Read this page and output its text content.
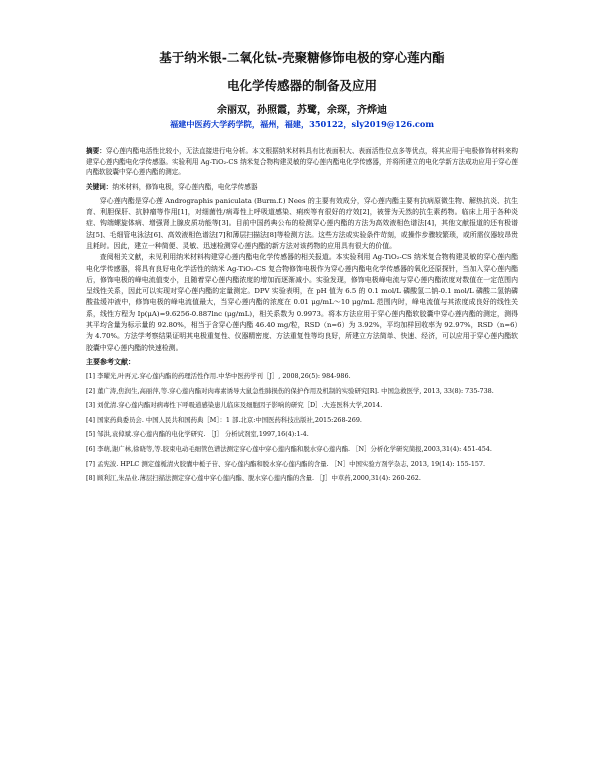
基于纳米银-二氧化钛-壳聚糖修饰电极的穿心莲内酯
电化学传感器的制备及应用
余丽双，孙照霞，苏鹭，余琛，齐烨迪
福建中医药大学药学院，福州，福建，350122，sly2019@126.com
摘要：穿心莲内酯电活性比较小，无法直接进行电分析。本文根据纳米材料具有比表面积大、表面活性位点多等优点，将其应用于电极修饰材料来构建穿心莲内酯电化学传感器。实验利用 Ag-TiO₂-CS 纳米复合物构建灵敏的穿心莲内酯电化学传感器，并将所建立的电化学新方法成功应用于穿心莲内酯软胶囊中穿心莲内酯的测定。
关键词：纳米材料，修饰电极，穿心莲内酯，电化学传感器

穿心莲内酯是穿心莲 Andrographis paniculata (Burm.f.) Nees 的主要有效成分，穿心莲内酯主要有抗病原微生物、解热抗炎、抗生育、利胆保肝、抗肿瘤等作用[1]，对细菌性/病毒性上呼吸道感染、痢疾等有很好的疗效[2]，被誉为天然的抗生素药物。临床上用于各种炎症、钩端螺旋体病、增强肾上腺皮质功能等[3]。目前中国药典公布的检测穿心莲内酯的方法为高效液相色谱法[4]，其他文献报道的还有极谱法[5]、毛细管电泳法[6]、高效液相色谱法[7]和薄层扫描法[8]等检测方法。这些方法或实验条件苛刻，或操作步骤较繁琐，或所需仪器较昂贵且耗时。因此，建立一种简便、灵敏、迅速检测穿心莲内酯的新方法对该药物的应用具有很大的价值。

查阅相关文献，未见利用纳米材料构建穿心莲内酯电化学传感器的相关报道。本实验利用 Ag-TiO₂-CS 纳米复合物构建灵敏的穿心莲内酯电化学传感器，将具有良好电化学活性的纳米 Ag-TiO₂-CS 复合物修饰电极作为穿心莲内酯电化学传感器的氧化还原探针，当加入穿心莲内酯后，修饰电极的峰电流值变小，且随着穿心莲内酯浓度的增加而逐渐减小。实验发现，修饰电极峰电流与穿心莲内酯浓度对数值在一定范围内呈线性关系，因此可以实现对穿心莲内酯的定量测定。DPV 实验表明，在 pH 值为 6.5 的 0.1 mol/L 磷酸氢二钠-0.1 mol/L 磷酸二氢钠磷酸盐缓冲液中，修饰电极的峰电流值最大，当穿心莲内酯的浓度在 0.01 μg/mL～10 μg/mL 范围内时，峰电流值与其浓度成良好的线性关系，线性方程为 Ip(μA)=9.6256-0.887lnc (μg/mL)，相关系数为 0.9973。将本方法应用于穿心莲内酯软胶囊中穿心莲内酯的测定，测得其平均含量为标示量的 92.80%，相当于含穿心莲内酯 46.40 mg/粒，RSD（n=6）为 3.92%，平均加样回收率为 92.97%，RSD（n=6）为 4.70%。方法学考察结果证明其电极重复性、仪器精密度、方法重复性等均良好，所建立方法简单、快速、经济，可以应用于穿心莲内酯软胶囊中穿心莲内酯的快速检测。

主要参考文献：
[1] 李曜光,叶再元.穿心莲内酯的药理活性作用.中华中医药学刊［J］, 2008,26(5): 984-986.
[2] 董广涛,焦润生,高丽萍,等.穿心莲内酯对肉毒素诱导大鼠急性肺损伤的保护作用及机制的实验研究[R]. 中国急救医学, 2013, 33(8): 735-738.
[3] 刘优清.穿心莲内酯对病毒性下呼吸道感染患儿临床及细胞因子影响的研究［D］.大连医科大学,2014.
[4] 国家药典委员会. 中国人民共和国药典［M］：1 部.北京:中国医药科技出版社,2015:268-269.
[5] 邹洪,袁倬斌.穿心莲内酯的电化学研究. ［J］ 分析试剂室,1997,16(4):1-4.
[6] 李萌,谢广林,徐晓等,等.胶束电动毛细管色谱法测定穿心莲中穿心莲内酯和脱水穿心莲内酯. ［N］分析化学研究简报,2003,31(4): 451-454.
[7] 孟宪波. HPLC 测定莲栀清火胶囊中栀子苷、穿心莲内酯和脱水穿心莲内酯的含量. ［N］中国实验方剂学杂志, 2013, 19(14): 155-157.
[8] 顾利江,朱品业.薄层扫描法测定穿心莲中穿心莲内酯、脱水穿心莲内酯的含量. ［J］中草药,2000,31(4): 260-262.
